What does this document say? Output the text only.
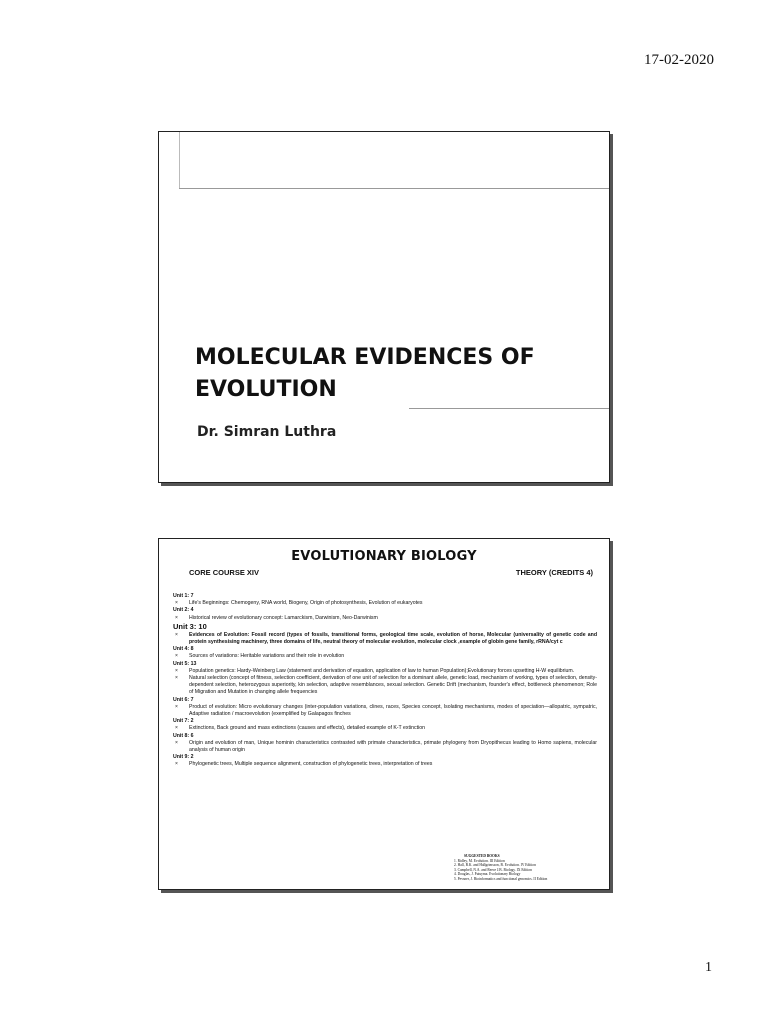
17-02-2020
MOLECULAR EVIDENCES OF
EVOLUTION
Dr. Simran Luthra
EVOLUTIONARY BIOLOGY
CORE COURSE XIV	THEORY (CREDITS 4)
Unit 1: 7
×	Life's Beginnings: Chemogeny, RNA world, Biogeny, Origin of photosynthesis, Evolution of eukaryotes
Unit 2: 4
×	Historical review of evolutionary concept: Lamarckism, Darwinism, Neo-Darwinism
Unit 3: 10
×	Evidences of Evolution: Fossil record (types of fossils, transitional forms, geological time scale, evolution of horse, Molecular (universality of genetic code and protein synthesising machinery, three domains of life, neutral theory of molecular evolution, molecular clock ,example of globin gene family, rRNA/cyt c
Unit 4: 8
×	Sources of variations: Heritable variations and their role in evolution
Unit 5: 13
×	Population genetics: Hardy-Weinberg Law (statement and derivation of equation, application of law to human Population);Evolutionary forces upsetting H-W equilibrium.
×	Natural selection (concept of fitness, selection coefficient, derivation of one unit of selection for a dominant allele, genetic load, mechanism of working, types of selection, density-dependent selection, heterozygous superiority, kin selection, adaptive resemblances, sexual selection. Genetic Drift (mechanism, founder's effect, bottleneck phenomenon; Role of Migration and Mutation in changing allele frequencies
Unit 6: 7
×	Product of evolution: Micro evolutionary changes (inter-population variations, clines, races, Species concept, Isolating mechanisms, modes of speciation—allopatric, sympatric, Adaptive radiation / macroevolution (exemplified by Galapagos finches
Unit 7: 2
×	Extinctions, Back ground and mass extinctions (causes and effects), detailed example of K-T extinction
Unit 8: 6
×	Origin and evolution of man, Unique hominin characteristics contrasted with primate characteristics, primate phylogeny from Dryopithecus leading to Homo sapiens, molecular analysis of human origin
Unit 9: 2
×	Phylogenetic trees, Multiple sequence alignment, construction of phylogenetic trees, interpretation of trees
SUGGESTED BOOKS
1. Ridley, M. Evolution. III Edition
2. Hall, B.K. and Hallgrimsson, B. Evolution. IV Edition
3. Campbell, N.A. and Reece J.B. Biology. IX Edition
4. Douglas, J. Futuyma. Evolutionary Biology
5. Pevsner, J. Bioinformatics and functional genomics. II Edition
1
